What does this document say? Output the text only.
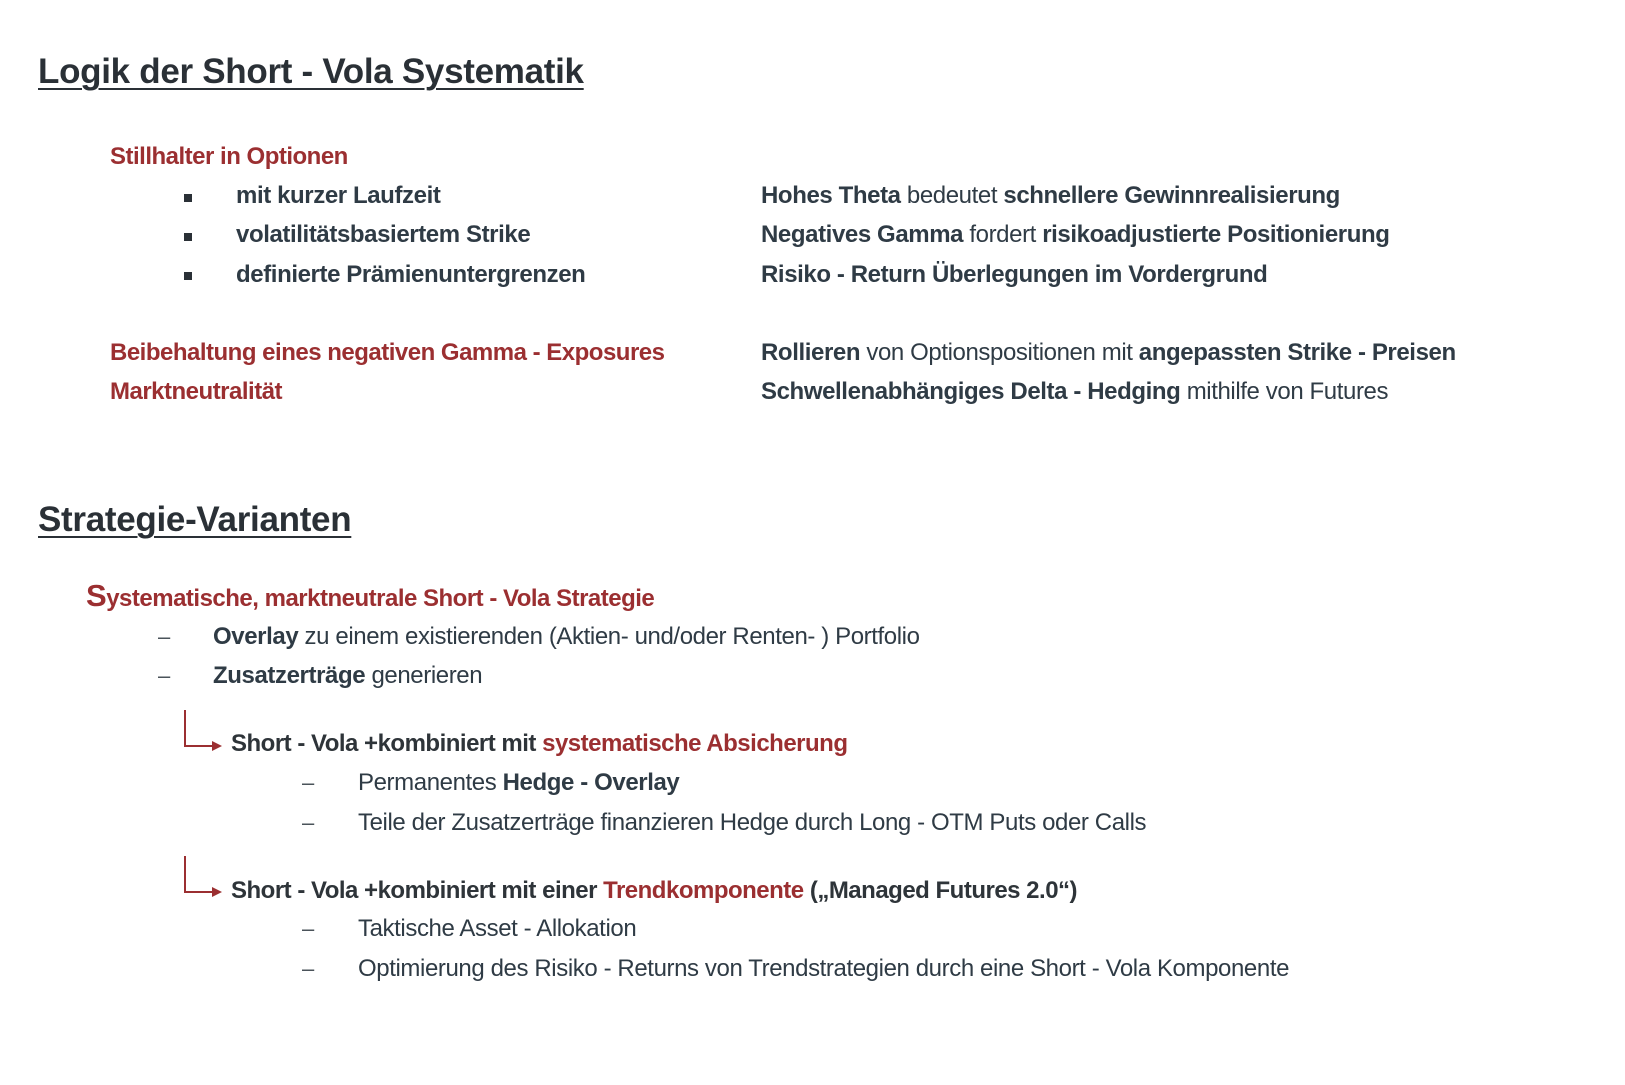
Logik der Short - Vola Systematik
Stillhalter in Optionen
mit kurzer Laufzeit
volatilitätsbasiertem Strike
definierte Prämienuntergrenzen
Hohes Theta bedeutet schnellere Gewinnrealisierung
Negatives Gamma fordert risikoadjustierte Positionierung
Risiko - Return Überlegungen im Vordergrund
Beibehaltung eines negativen Gamma - Exposures
Marktneutralität
Rollieren von Optionspositionen mit angepassten Strike - Preisen
Schwellenabhängiges Delta - Hedging mithilfe von Futures
Strategie-Varianten
Systematische, marktneutrale Short - Vola Strategie
– Overlay zu einem existierenden (Aktien- und/oder Renten- ) Portfolio
– Zusatzerträge generieren
Short - Vola +kombiniert mit systematische Absicherung
– Permanentes Hedge - Overlay
– Teile der Zusatzerträge finanzieren Hedge durch Long - OTM Puts oder Calls
Short - Vola +kombiniert mit einer Trendkomponente („Managed Futures 2.0“)
– Taktische Asset - Allokation
– Optimierung des Risiko - Returns von Trendstrategien durch eine Short - Vola Komponente
